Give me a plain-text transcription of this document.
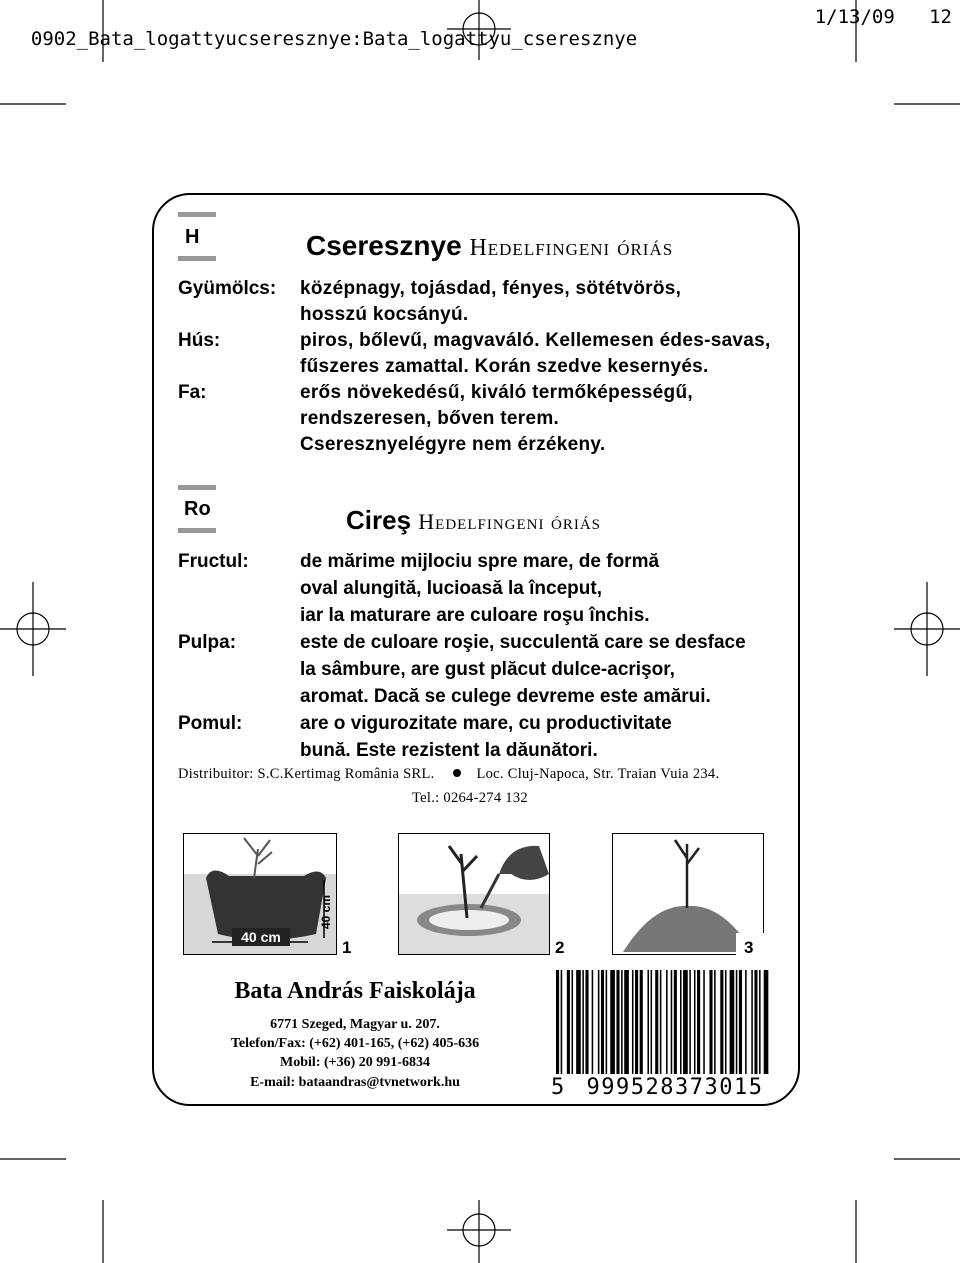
0902_Bata_logattyucseresznye:Bata_logattyu_cseresznye

1/13/09 12

H	Cseresznye Hedelfingeni óriás
Gyümölcs:	középnagy, tojásdad, fényes, sötétvörös,
hosszú kocsányú.
Hús:	piros, bőlevű, magvaváló. Kellemesen édes-savas,
fűszeres zamattal. Korán szedve kesernyés.
Fa:	erős növekedésű, kiváló termőképességű,
rendszeresen, bőven terem.
Cseresznyelégyre nem érzékeny.
Ro	Cireş Hedelfingeni óriás
Fructul:	de mărime mijlociu spre mare, de formă
oval alungită, lucioasă la început,
iar la maturare are culoare roşu închis.
Pulpa:	este de culoare roşie, succulentă care se desface
la sâmbure, are gust plăcut dulce-acrişor,
aromat. Dacă se culege devreme este amărui.
Pomul:	are o vigurozitate mare, cu productivitate
bună. Este rezistent la dăunători.
Distribuitor: S.C.Kertimag România SRL.	Loc. Cluj-Napoca, Str. Traian Vuia 234.
Tel.: 0264-274 132
40 cm
40 cm
1	2	3
Bata András Faiskolája
6771 Szeged, Magyar u. 207.
Telefon/Fax: (+62) 401-165, (+62) 405-636
Mobil: (+36) 20 991-6834
E-mail: bataandras@tvnetwork.hu	5 999528373015
